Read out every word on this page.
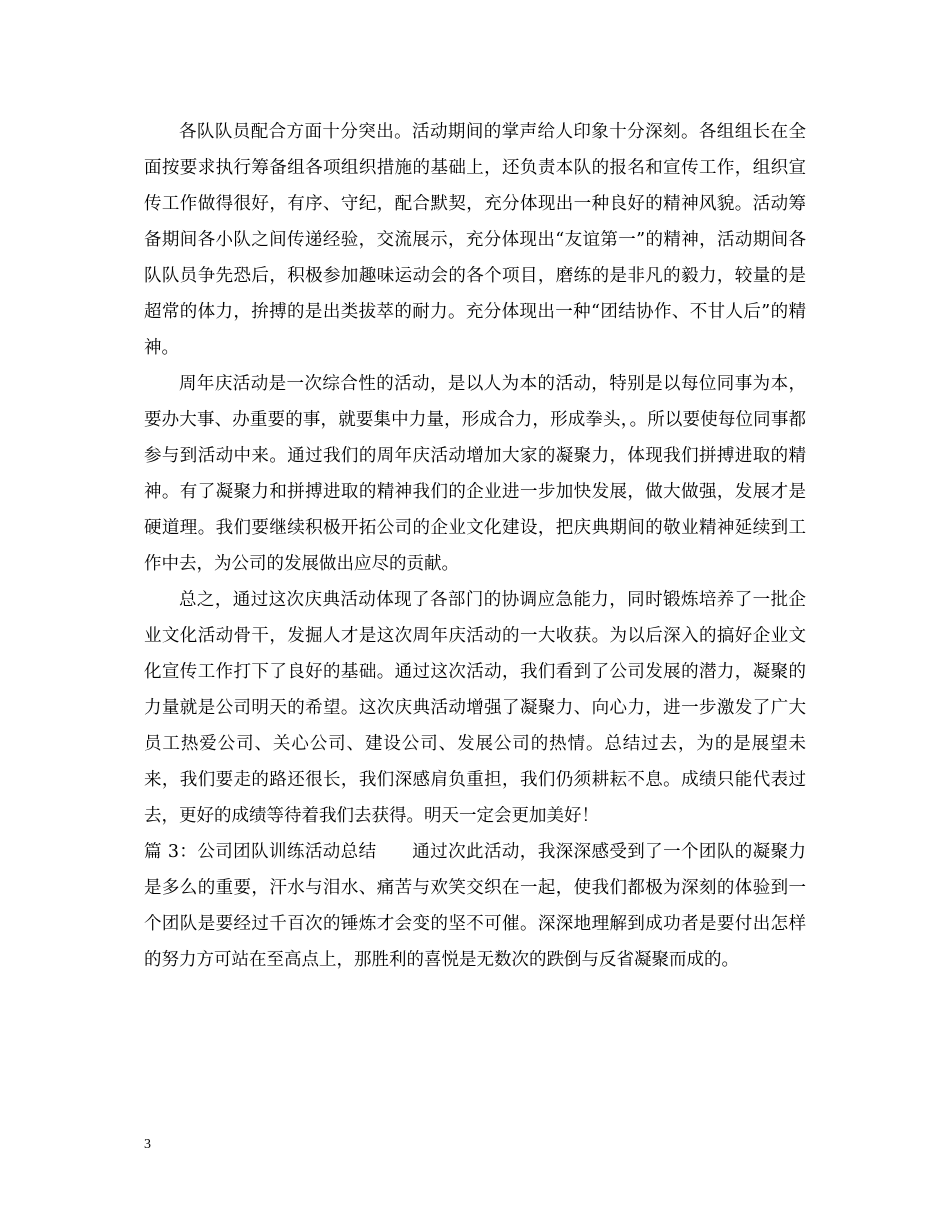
各队队员配合方面十分突出。活动期间的掌声给人印象十分深刻。各组组长在全面按要求执行筹备组各项组织措施的基础上，还负责本队的报名和宣传工作，组织宣传工作做得很好，有序、守纪，配合默契，充分体现出一种良好的精神风貌。活动筹备期间各小队之间传递经验，交流展示，充分体现出“友谊第一”的精神，活动期间各队队员争先恐后，积极参加趣味运动会的各个项目，磨练的是非凡的毅力，较量的是超常的体力，拚搏的是出类拔萃的耐力。充分体现出一种“团结协作、不甘人后”的精神。

周年庆活动是一次综合性的活动，是以人为本的活动，特别是以每位同事为本，要办大事、办重要的事，就要集中力量，形成合力，形成拳头，。所以要使每位同事都参与到活动中来。通过我们的周年庆活动增加大家的凝聚力，体现我们拼搏进取的精神。有了凝聚力和拼搏进取的精神我们的企业进一步加快发展，做大做强，发展才是硬道理。我们要继续积极开拓公司的企业文化建设，把庆典期间的敬业精神延续到工作中去，为公司的发展做出应尽的贡献。

总之，通过这次庆典活动体现了各部门的协调应急能力，同时锻炼培养了一批企业文化活动骨干，发掘人才是这次周年庆活动的一大收获。为以后深入的搞好企业文化宣传工作打下了良好的基础。通过这次活动，我们看到了公司发展的潜力，凝聚的力量就是公司明天的希望。这次庆典活动增强了凝聚力、向心力，进一步激发了广大员工热爱公司、关心公司、建设公司、发展公司的热情。总结过去，为的是展望未来，我们要走的路还很长，我们深感肩负重担，我们仍须耕耘不息。成绩只能代表过去，更好的成绩等待着我们去获得。明天一定会更加美好！

篇 3：公司团队训练活动总结　　通过次此活动，我深深感受到了一个团队的凝聚力是多么的重要，汗水与泪水、痛苦与欢笑交织在一起，使我们都极为深刻的体验到一个团队是要经过千百次的锤炼才会变的坚不可催。深深地理解到成功者是要付出怎样的努力方可站在至高点上，那胜利的喜悦是无数次的跌倒与反省凝聚而成的。

3
